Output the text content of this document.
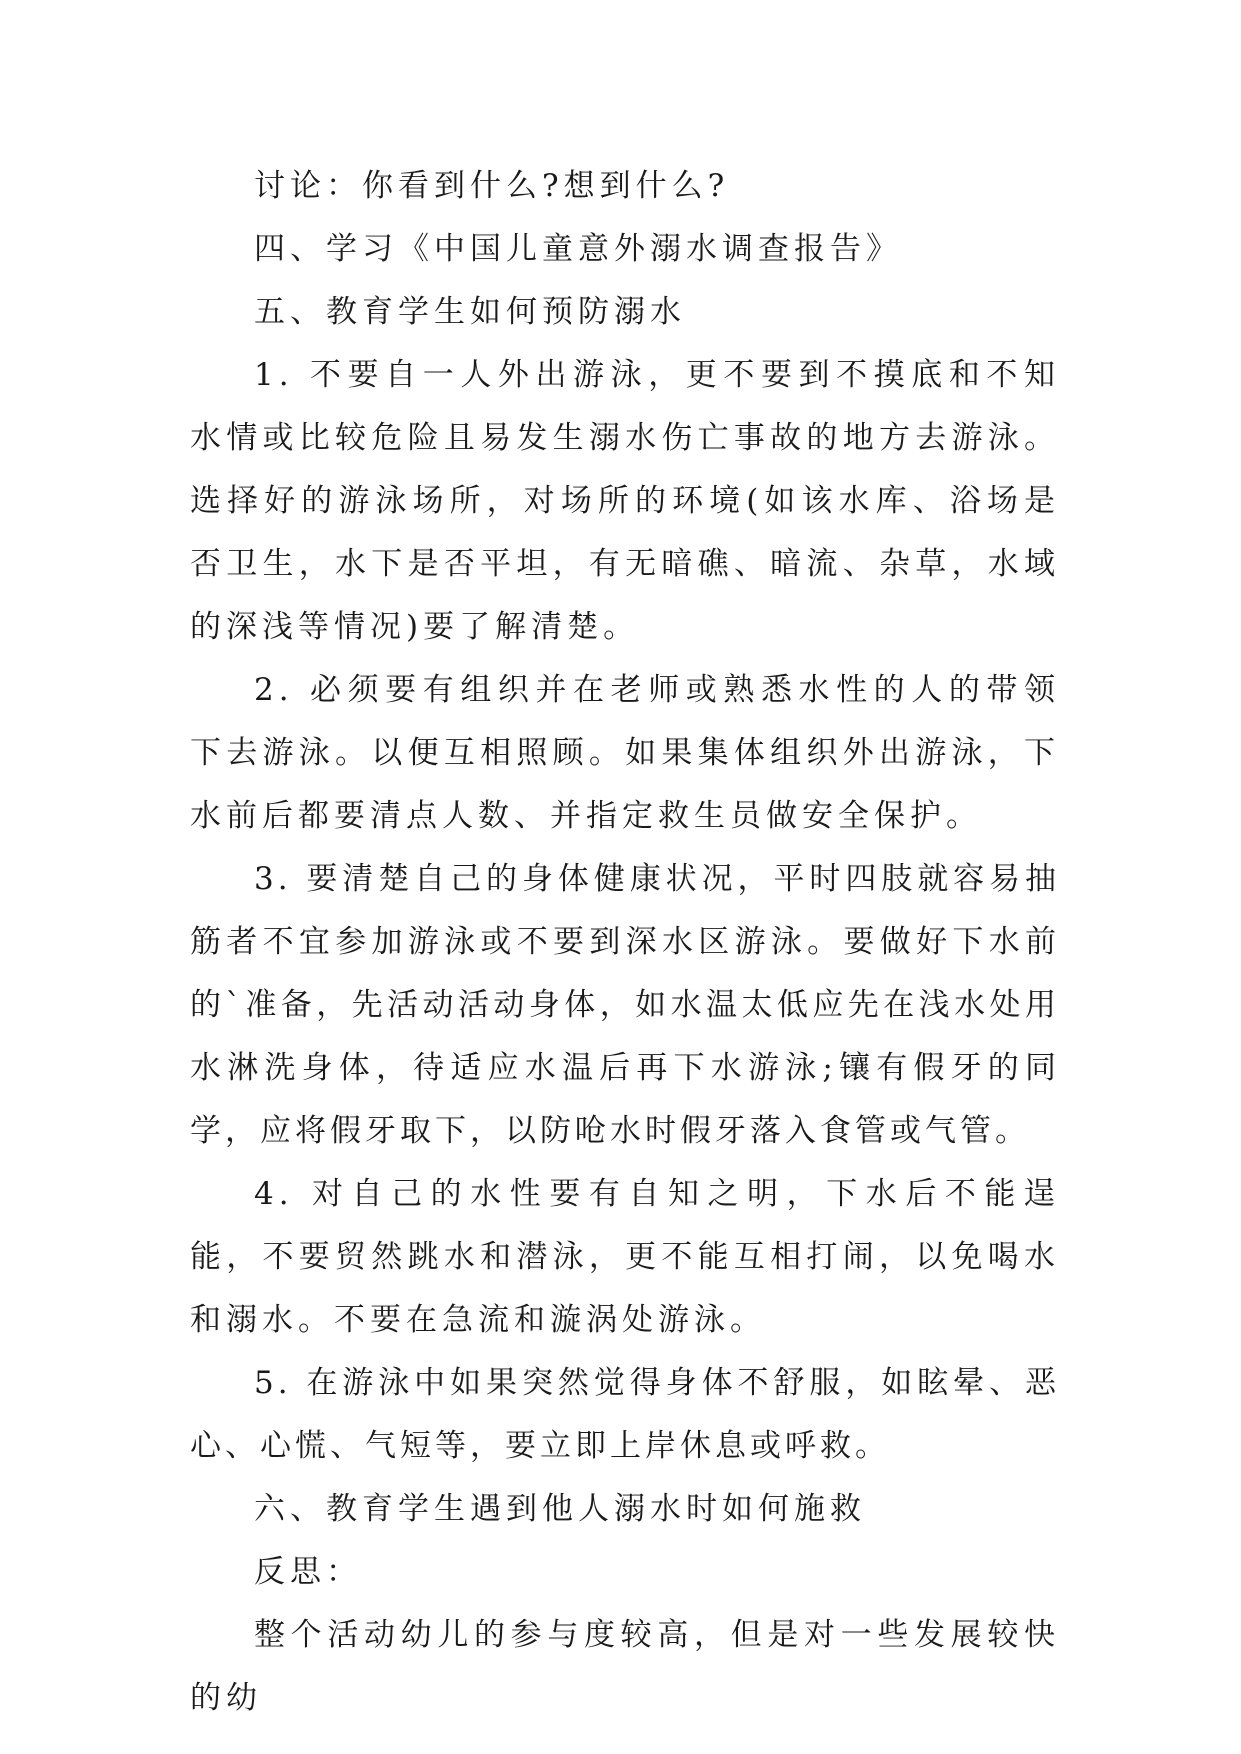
讨论：你看到什么?想到什么?

四、学习《中国儿童意外溺水调查报告》

五、教育学生如何预防溺水

1. 不要自一人外出游泳，更不要到不摸底和不知水情或比较危险且易发生溺水伤亡事故的地方去游泳。选择好的游泳场所，对场所的环境(如该水库、浴场是否卫生，水下是否平坦，有无暗礁、暗流、杂草，水域的深浅等情况)要了解清楚。

2. 必须要有组织并在老师或熟悉水性的人的带领下去游泳。以便互相照顾。如果集体组织外出游泳，下水前后都要清点人数、并指定救生员做安全保护。

3. 要清楚自己的身体健康状况，平时四肢就容易抽筋者不宜参加游泳或不要到深水区游泳。要做好下水前的`准备，先活动活动身体，如水温太低应先在浅水处用水淋洗身体，待适应水温后再下水游泳;镶有假牙的同学，应将假牙取下，以防呛水时假牙落入食管或气管。

4. 对自己的水性要有自知之明，下水后不能逞能，不要贸然跳水和潜泳，更不能互相打闹，以免喝水和溺水。不要在急流和漩涡处游泳。

5. 在游泳中如果突然觉得身体不舒服，如眩晕、恶心、心慌、气短等，要立即上岸休息或呼救。

六、教育学生遇到他人溺水时如何施救

反思：

整个活动幼儿的参与度较高，但是对一些发展较快的幼
